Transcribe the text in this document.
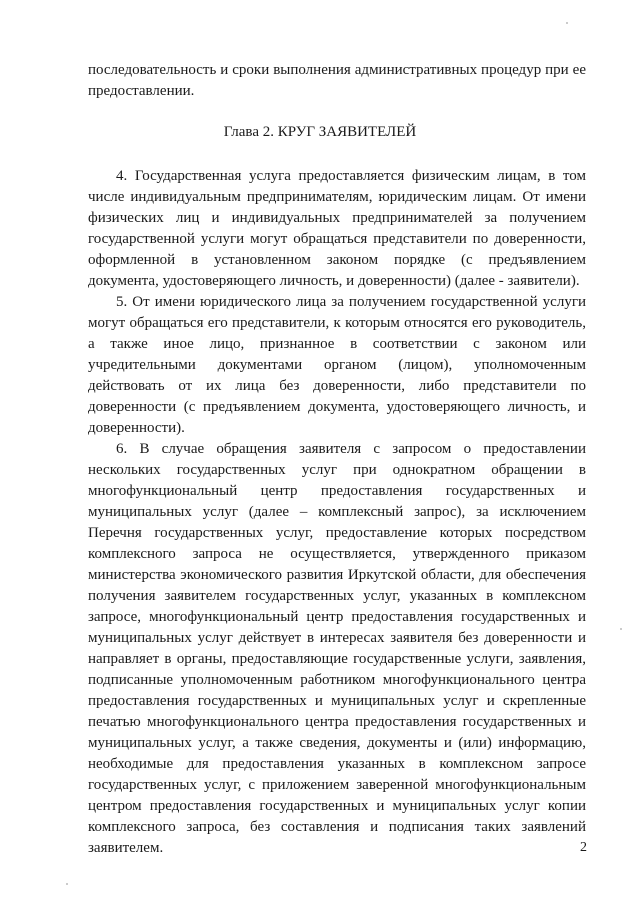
последовательность и сроки выполнения административных процедур при ее
предоставлении.
Глава 2. КРУГ ЗАЯВИТЕЛЕЙ
4. Государственная услуга предоставляется физическим лицам, в том
числе индивидуальным предпринимателям, юридическим лицам. От имени
физических лиц и индивидуальных предпринимателей за получением
государственной услуги могут обращаться представители по доверенности,
оформленной в установленном законом порядке (с предъявлением
документа, удостоверяющего личность, и доверенности) (далее - заявители).
5. От имени юридического лица за получением государственной услуги
могут обращаться его представители, к которым относятся его руководитель,
а также иное лицо, признанное в соответствии с законом или
учредительными документами органом (лицом), уполномоченным
действовать от их лица без доверенности, либо представители по
доверенности (с предъявлением документа, удостоверяющего личность, и
доверенности).
6. В случае обращения заявителя с запросом о предоставлении
нескольких государственных услуг при однократном обращении в
многофункциональный центр предоставления государственных и
муниципальных услуг (далее – комплексный запрос), за исключением
Перечня государственных услуг, предоставление которых посредством
комплексного запроса не осуществляется, утвержденного приказом
министерства экономического развития Иркутской области, для обеспечения
получения заявителем государственных услуг, указанных в комплексном
запросе, многофункциональный центр предоставления государственных и
муниципальных услуг действует в интересах заявителя без доверенности и
направляет в органы, предоставляющие государственные услуги, заявления,
подписанные уполномоченным работником многофункционального центра
предоставления государственных и муниципальных услуг и скрепленные
печатью многофункционального центра предоставления государственных и
муниципальных услуг, а также сведения, документы и (или) информацию,
необходимые для предоставления указанных в комплексном запросе
государственных услуг, с приложением заверенной многофункциональным
центром предоставления государственных и муниципальных услуг копии
комплексного запроса, без составления и подписания таких заявлений
заявителем.	2
